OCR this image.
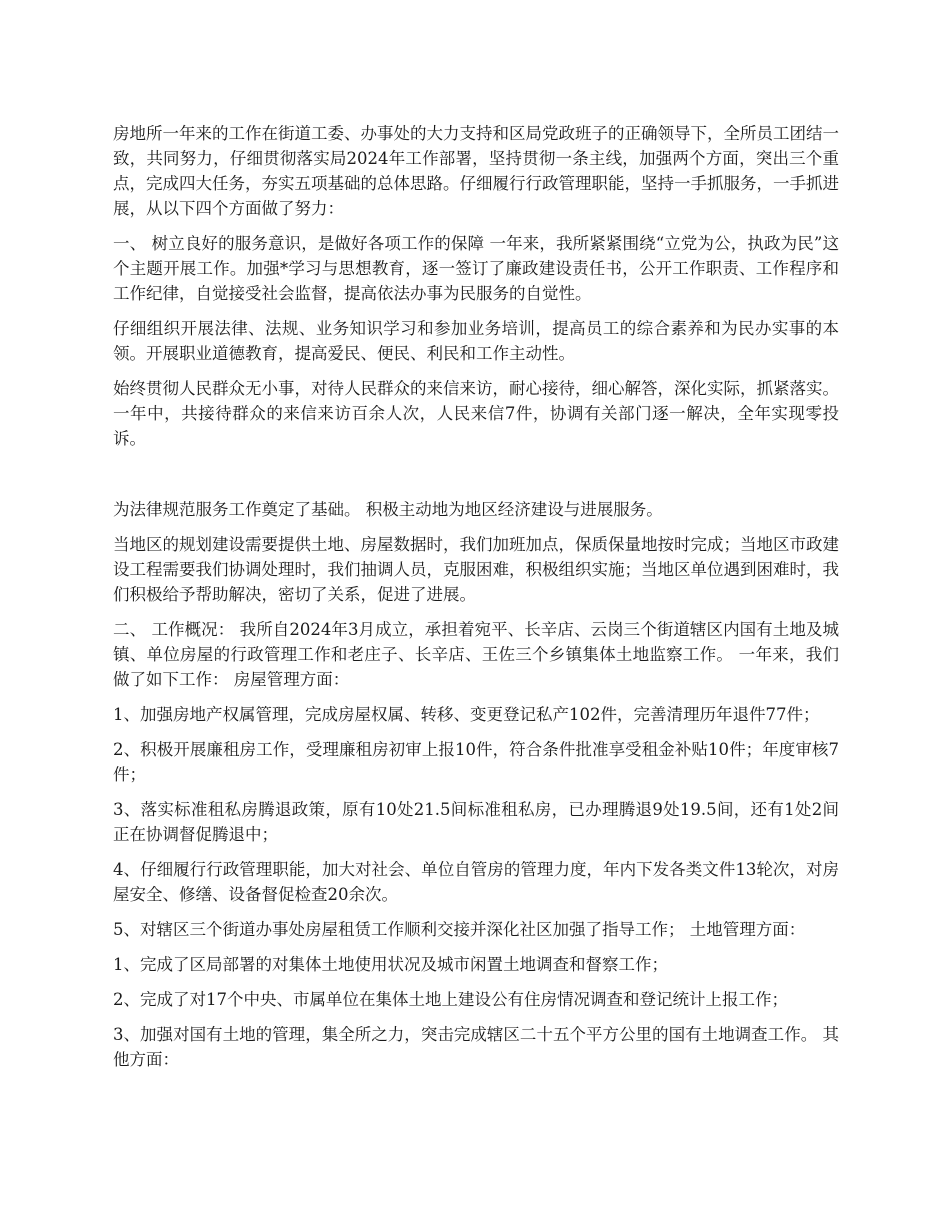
房地所一年来的工作在街道工委、办事处的大力支持和区局党政班子的正确领导下，全所员工团结一致，共同努力，仔细贯彻落实局2024年工作部署，坚持贯彻一条主线，加强两个方面，突出三个重点，完成四大任务，夯实五项基础的总体思路。仔细履行行政管理职能，坚持一手抓服务，一手抓进展，从以下四个方面做了努力：

一、 树立良好的服务意识，是做好各项工作的保障 一年来，我所紧紧围绕“立党为公，执政为民”这个主题开展工作。加强*学习与思想教育，逐一签订了廉政建设责任书，公开工作职责、工作程序和工作纪律，自觉接受社会监督，提高依法办事为民服务的自觉性。

仔细组织开展法律、法规、业务知识学习和参加业务培训，提高员工的综合素养和为民办实事的本领。开展职业道德教育，提高爱民、便民、利民和工作主动性。

始终贯彻人民群众无小事，对待人民群众的来信来访，耐心接待，细心解答，深化实际，抓紧落实。一年中，共接待群众的来信来访百余人次，人民来信7件，协调有关部门逐一解决，全年实现零投诉。

为法律规范服务工作奠定了基础。 积极主动地为地区经济建设与进展服务。

当地区的规划建设需要提供土地、房屋数据时，我们加班加点，保质保量地按时完成；当地区市政建设工程需要我们协调处理时，我们抽调人员，克服困难，积极组织实施；当地区单位遇到困难时，我们积极给予帮助解决，密切了关系，促进了进展。

二、 工作概况： 我所自2024年3月成立，承担着宛平、长辛店、云岗三个街道辖区内国有土地及城镇、单位房屋的行政管理工作和老庄子、长辛店、王佐三个乡镇集体土地监察工作。 一年来，我们做了如下工作： 房屋管理方面：

1、加强房地产权属管理，完成房屋权属、转移、变更登记私产102件，完善清理历年退件77件；

2、积极开展廉租房工作，受理廉租房初审上报10件，符合条件批准享受租金补贴10件；年度审核7件；

3、落实标准租私房腾退政策，原有10处21.5间标准租私房，已办理腾退9处19.5间，还有1处2间正在协调督促腾退中；

4、仔细履行行政管理职能，加大对社会、单位自管房的管理力度，年内下发各类文件13轮次，对房屋安全、修缮、设备督促检查20余次。

5、对辖区三个街道办事处房屋租赁工作顺利交接并深化社区加强了指导工作； 土地管理方面：

1、完成了区局部署的对集体土地使用状况及城市闲置土地调查和督察工作；

2、完成了对17个中央、市属单位在集体土地上建设公有住房情况调查和登记统计上报工作；

3、加强对国有土地的管理，集全所之力，突击完成辖区二十五个平方公里的国有土地调查工作。 其他方面：
